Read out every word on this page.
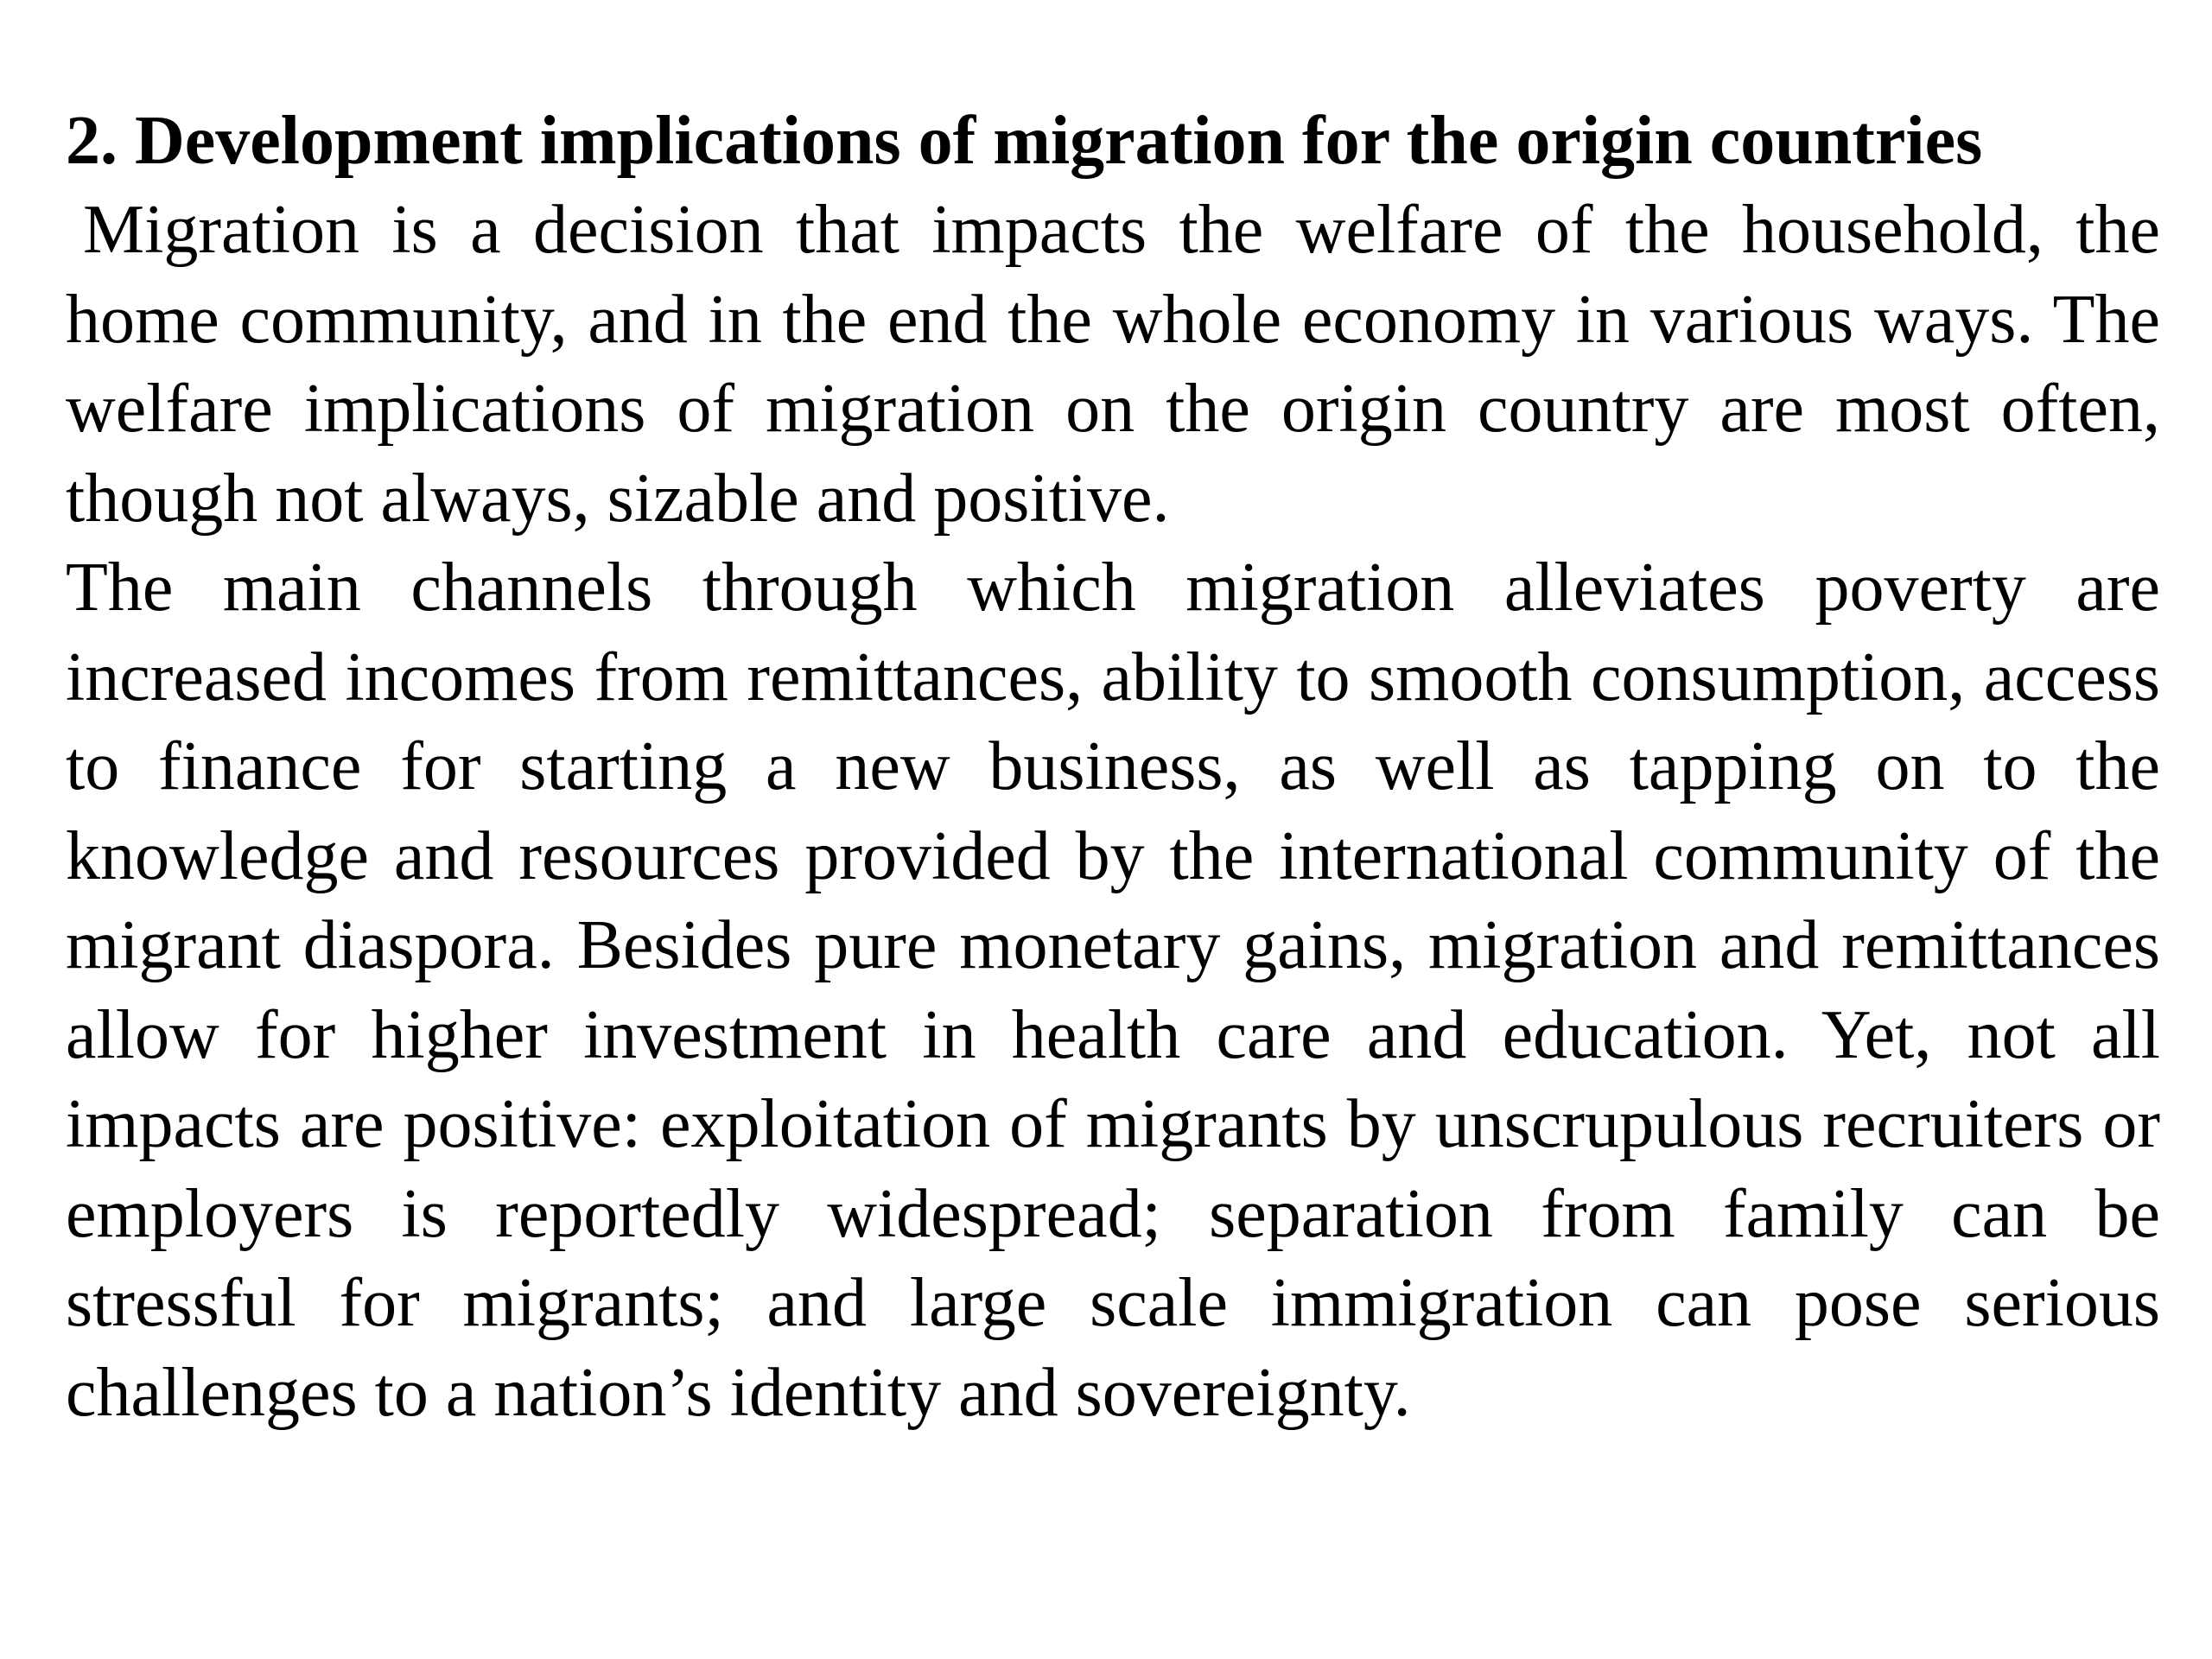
2. Development implications of migration for the origin countries

Migration is a decision that impacts the welfare of the household, the home community, and in the end the whole economy in various ways. The welfare implications of migration on the origin country are most often, though not always, sizable and positive.

The main channels through which migration alleviates poverty are increased incomes from remittances, ability to smooth consumption, access to finance for starting a new business, as well as tapping on to the knowledge and resources provided by the international community of the migrant diaspora. Besides pure monetary gains, migration and remittances allow for higher investment in health care and education. Yet, not all impacts are positive: exploitation of migrants by unscrupulous recruiters or employers is reportedly widespread; separation from family can be stressful for migrants; and large scale immigration can pose serious challenges to a nation’s identity and sovereignty.
